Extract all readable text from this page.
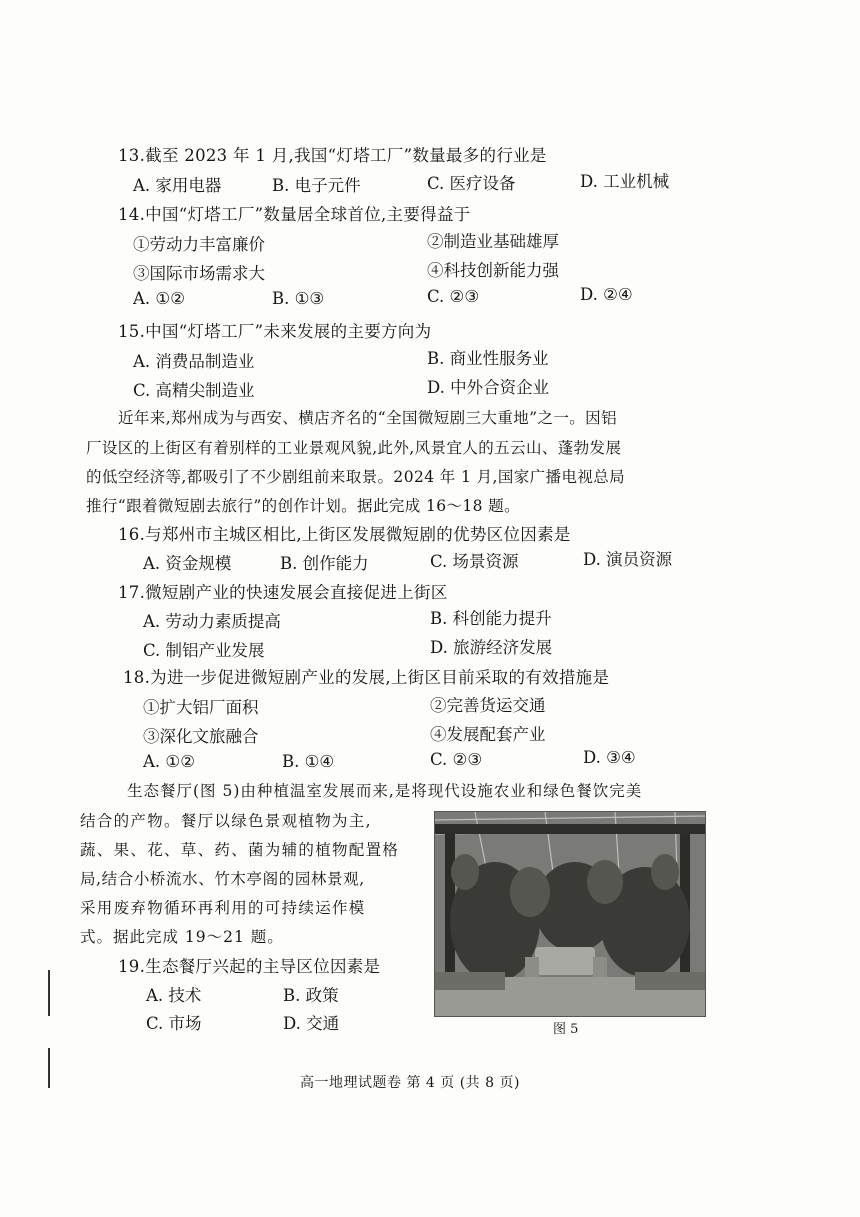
13.截至 2023 年 1 月,我国“灯塔工厂”数量最多的行业是
A. 家用电器	B. 电子元件	C. 医疗设备	D. 工业机械
14.中国“灯塔工厂”数量居全球首位,主要得益于
①劳动力丰富廉价	②制造业基础雄厚
③国际市场需求大	④科技创新能力强
A. ①②	B. ①③	C. ②③	D. ②④
15.中国“灯塔工厂”未来发展的主要方向为
A. 消费品制造业	B. 商业性服务业
C. 高精尖制造业	D. 中外合资企业
近年来,郑州成为与西安、横店齐名的“全国微短剧三大重地”之一。因铝
厂设区的上街区有着别样的工业景观风貌,此外,风景宜人的五云山、蓬勃发展
的低空经济等,都吸引了不少剧组前来取景。2024 年 1 月,国家广播电视总局
推行“跟着微短剧去旅行”的创作计划。据此完成 16～18 题。
16.与郑州市主城区相比,上街区发展微短剧的优势区位因素是
A. 资金规模	B. 创作能力	C. 场景资源	D. 演员资源
17.微短剧产业的快速发展会直接促进上街区
A. 劳动力素质提高	B. 科创能力提升
C. 制铝产业发展	D. 旅游经济发展
18.为进一步促进微短剧产业的发展,上街区目前采取的有效措施是
①扩大铝厂面积	②完善货运交通
③深化文旅融合	④发展配套产业
A. ①②	B. ①④	C. ②③	D. ③④
生态餐厅(图 5)由种植温室发展而来,是将现代设施农业和绿色餐饮完美
结合的产物。餐厅以绿色景观植物为主,
蔬、果、花、草、药、菌为辅的植物配置格
局,结合小桥流水、竹木亭阁的园林景观,
采用废弃物循环再利用的可持续运作模
式。据此完成 19～21 题。
19.生态餐厅兴起的主导区位因素是
A. 技术	B. 政策
C. 市场	D. 交通	图 5
高一地理试题卷 第 4 页 (共 8 页)
